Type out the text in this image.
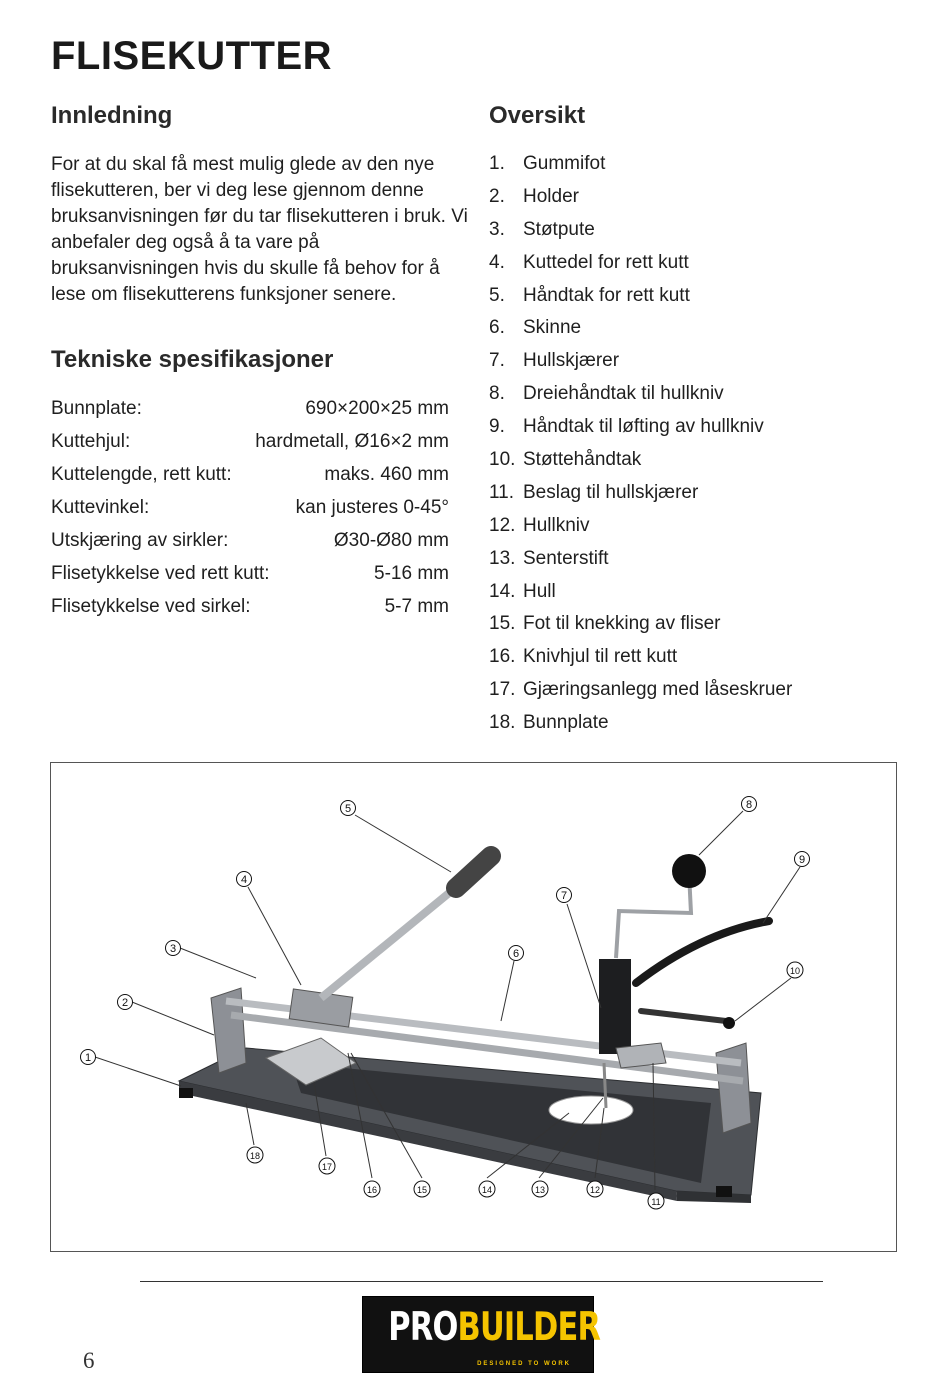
FLISEKUTTER
Innledning

For at du skal få mest mulig glede av den nye flisekutteren, ber vi deg lese gjennom denne bruksanvisningen før du tar flisekutteren i bruk. Vi anbefaler deg også å ta vare på bruksanvisningen hvis du skulle få behov for å lese om flisekutterens funksjoner senere.

Tekniske spesifikasjoner
Bunnplate:	690×200×25 mm
Kuttehjul:	hardmetall, Ø16×2 mm
Kuttelengde, rett kutt:	maks. 460 mm
Kuttevinkel:	kan justeres 0-45°
Utskjæring av sirkler:	Ø30-Ø80 mm
Flisetykkelse ved rett kutt:	5-16 mm
Flisetykkelse ved sirkel:	5-7 mm
Oversikt
1. Gummifot
2. Holder
3. Støtpute
4. Kuttedel for rett kutt
5. Håndtak for rett kutt
6. Skinne
7. Hullskjærer
8. Dreiehåndtak til hullkniv
9. Håndtak til løfting av hullkniv
10. Støttehåndtak
11. Beslag til hullskjærer
12. Hullkniv
13. Senterstift
14. Hull
15. Fot til knekking av fliser
16. Knivhjul til rett kutt
17. Gjæringsanlegg med låseskruer
18. Bunnplate
1
2
3
4
5
6
7
8
9
10
11
12
13
14
15
16
17
18
PROBUILDER
DESIGNED TO WORK
6
